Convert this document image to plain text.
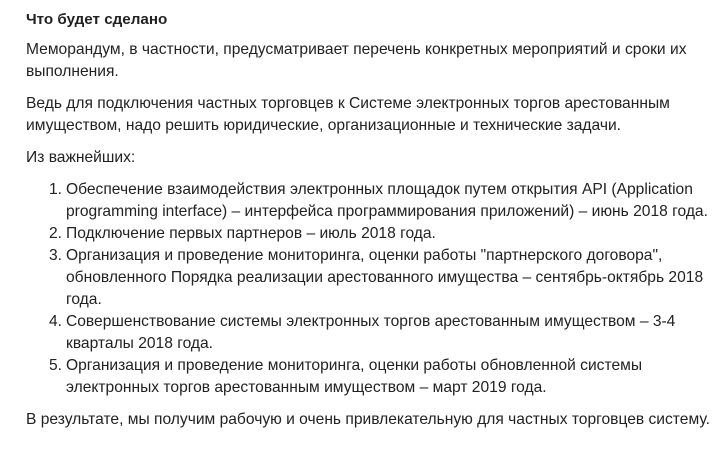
Что будет сделано

Меморандум, в частности, предусматривает перечень конкретных мероприятий и сроки их выполнения.

Ведь для подключения частных торговцев к Системе электронных торгов арестованным имуществом, надо решить юридические, организационные и технические задачи.

Из важнейших:

1. Обеспечение взаимодействия электронных площадок путем открытия API (Application programming interface) – интерфейса программирования приложений) – июнь 2018 года.
2. Подключение первых партнеров – июль 2018 года.
3. Организация и проведение мониторинга, оценки работы "партнерского договора", обновленного Порядка реализации арестованного имущества – сентябрь-октябрь 2018 года.
4. Совершенствование системы электронных торгов арестованным имуществом – 3-4 кварталы 2018 года.
5. Организация и проведение мониторинга, оценки работы обновленной системы электронных торгов арестованным имуществом – март 2019 года.

В результате, мы получим рабочую и очень привлекательную для частных торговцев систему.
